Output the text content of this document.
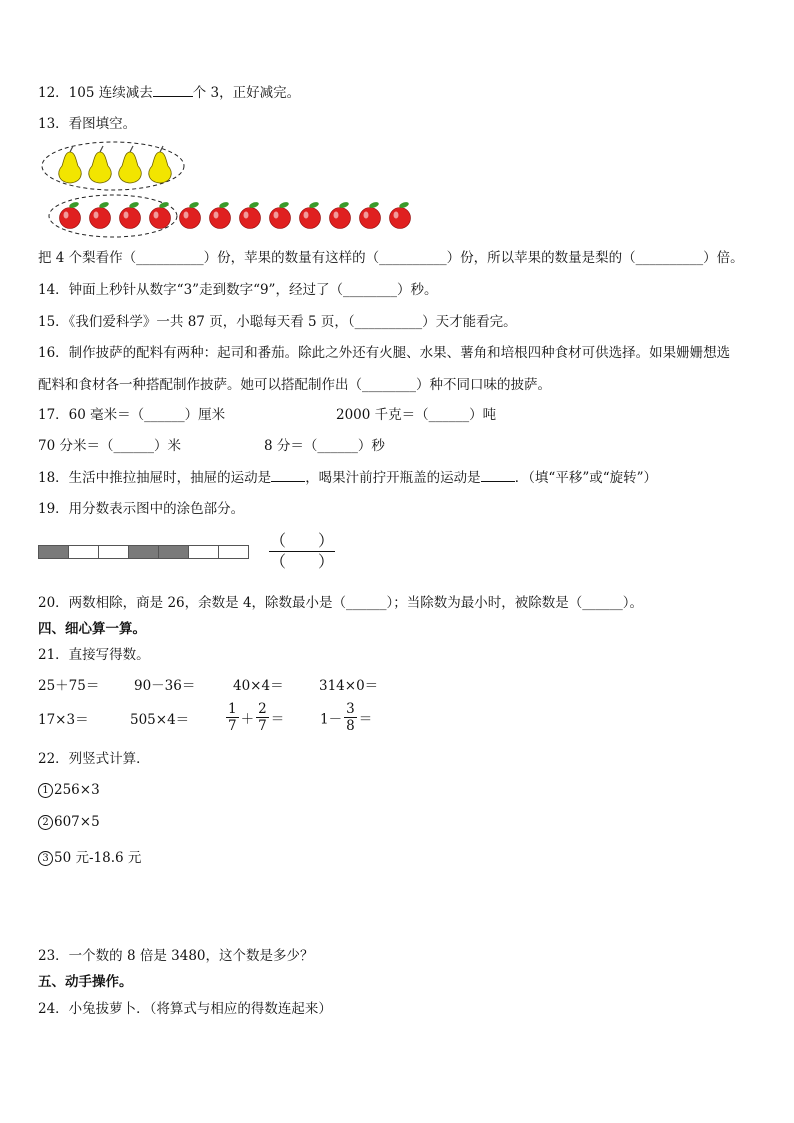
12．105 连续减去	个 3，正好减完。
13．看图填空。
把 4 个梨看作（__________）份，苹果的数量有这样的（__________）份，所以苹果的数量是梨的（__________）倍。
14．钟面上秒针从数字“3”走到数字“9”，经过了（________）秒。
15．《我们爱科学》一共 87 页，小聪每天看 5 页，（__________）天才能看完。
16．制作披萨的配料有两种：起司和番茄。除此之外还有火腿、水果、薯角和培根四种食材可供选择。如果姗姗想选
配料和食材各一种搭配制作披萨。她可以搭配制作出（________）种不同口味的披萨。
17．60 毫米＝（______）厘米	2000 千克＝（______）吨
70 分米＝（______）米	8 分＝（______）秒
18．生活中推拉抽屉时，抽屉的运动是	，喝果汁前拧开瓶盖的运动是	．（填“平移”或“旋转”）
19．用分数表示图中的涂色部分。
（　　）
（　　）
20．两数相除，商是 26，余数是 4，除数最小是（______）；当除数为最小时，被除数是（______）。
四、细心算一算。
21．直接写得数。
25＋75＝	90－36＝	40×4＝	314×0＝
17×3＝	505×4＝	$\frac{1}{7} + \frac{2}{7}$ ＝	$1- \frac{3}{8}$ ＝
22．列竖式计算．
1 256×3
2 607×5
3 50 元-18.6 元
23．一个数的 8 倍是 3480，这个数是多少？
五、动手操作。
24．小兔拔萝卜．（将算式与相应的得数连起来）
